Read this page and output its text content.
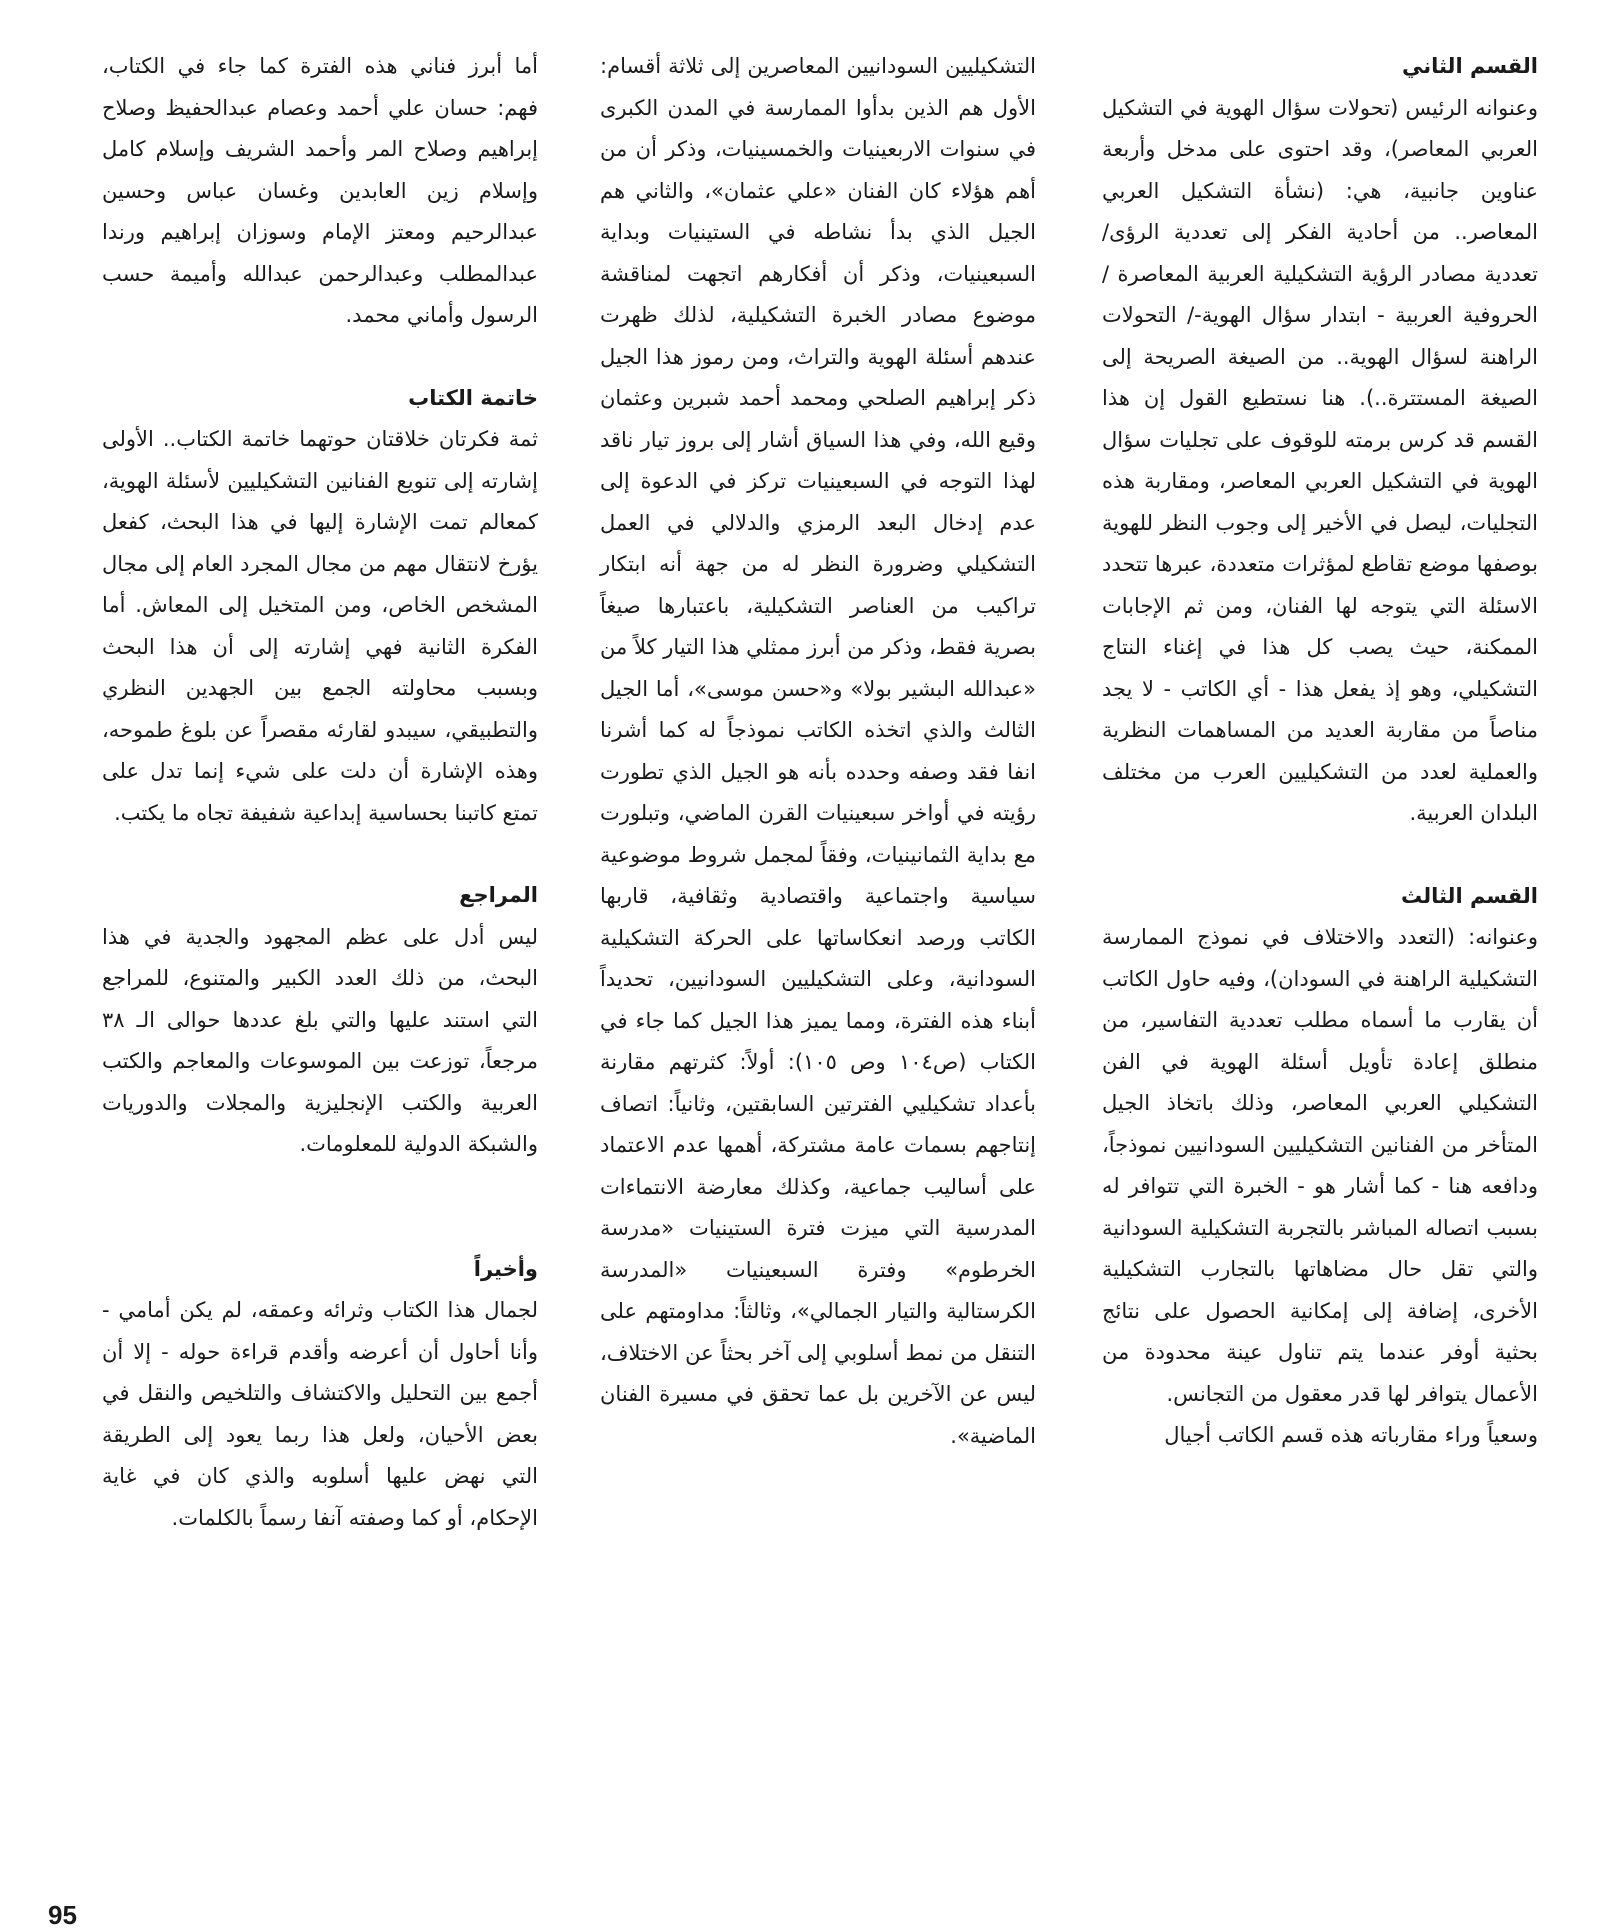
القسم الثاني

وعنوانه الرئيس (تحولات سؤال الهوية في التشكيل العربي المعاصر)، وقد احتوى على مدخل وأربعة عناوين جانبية، هي: (نشأة التشكيل العربي المعاصر.. من أحادية الفكر إلى تعددية الرؤى/ تعددية مصادر الرؤية التشكيلية العربية المعاصرة / الحروفية العربية - ابتدار سؤال الهوية-/ التحولات الراهنة لسؤال الهوية.. من الصيغة الصريحة إلى الصيغة المستترة..). هنا نستطيع القول إن هذا القسم قد كرس برمته للوقوف على تجليات سؤال الهوية في التشكيل العربي المعاصر، ومقاربة هذه التجليات، ليصل في الأخير إلى وجوب النظر للهوية بوصفها موضع تقاطع لمؤثرات متعددة، عبرها تتحدد الاسئلة التي يتوجه لها الفنان، ومن ثم الإجابات الممكنة، حيث يصب كل هذا في إغناء النتاج التشكيلي، وهو إذ يفعل هذا - أي الكاتب - لا يجد مناصاً من مقاربة العديد من المساهمات النظرية والعملية لعدد من التشكيليين العرب من مختلف البلدان العربية.

القسم الثالث

وعنوانه: (التعدد والاختلاف في نموذج الممارسة التشكيلية الراهنة في السودان)، وفيه حاول الكاتب أن يقارب ما أسماه مطلب تعددية التفاسير، من منطلق إعادة تأويل أسئلة الهوية في الفن التشكيلي العربي المعاصر، وذلك باتخاذ الجيل المتأخر من الفنانين التشكيليين السودانيين نموذجاً، ودافعه هنا - كما أشار هو - الخبرة التي تتوافر له بسبب اتصاله المباشر بالتجربة التشكيلية السودانية والتي تقل حال مضاهاتها بالتجارب التشكيلية الأخرى، إضافة إلى إمكانية الحصول على نتائج بحثية أوفر عندما يتم تناول عينة محدودة من الأعمال يتوافر لها قدر معقول من التجانس.

وسعياً وراء مقارباته هذه قسم الكاتب أجيال

التشكيليين السودانيين المعاصرين إلى ثلاثة أقسام: الأول هم الذين بدأوا الممارسة في المدن الكبرى في سنوات الاربعينيات والخمسينيات، وذكر أن من أهم هؤلاء كان الفنان «علي عثمان»، والثاني هم الجيل الذي بدأ نشاطه في الستينيات وبداية السبعينيات، وذكر أن أفكارهم اتجهت لمناقشة موضوع مصادر الخبرة التشكيلية، لذلك ظهرت عندهم أسئلة الهوية والتراث، ومن رموز هذا الجيل ذكر إبراهيم الصلحي ومحمد أحمد شبرين وعثمان وقيع الله، وفي هذا السياق أشار إلى بروز تيار ناقد لهذا التوجه في السبعينيات تركز في الدعوة إلى عدم إدخال البعد الرمزي والدلالي في العمل التشكيلي وضرورة النظر له من جهة أنه ابتكار تراكيب من العناصر التشكيلية، باعتبارها صيغاً بصرية فقط، وذكر من أبرز ممثلي هذا التيار كلاً من «عبدالله البشير بولا» و«حسن موسى»، أما الجيل الثالث والذي اتخذه الكاتب نموذجاً له كما أشرنا انفا فقد وصفه وحدده بأنه هو الجيل الذي تطورت رؤيته في أواخر سبعينيات القرن الماضي، وتبلورت مع بداية الثمانينيات، وفقاً لمجمل شروط موضوعية سياسية واجتماعية واقتصادية وثقافية، قاربها الكاتب ورصد انعكاساتها على الحركة التشكيلية السودانية، وعلى التشكيليين السودانيين، تحديداً أبناء هذه الفترة، ومما يميز هذا الجيل كما جاء في الكتاب (ص١٠٤ وص ١٠٥): أولاً: كثرتهم مقارنة بأعداد تشكيليي الفترتين السابقتين، وثانياً: اتصاف إنتاجهم بسمات عامة مشتركة، أهمها عدم الاعتماد على أساليب جماعية، وكذلك معارضة الانتماءات المدرسية التي ميزت فترة الستينيات «مدرسة الخرطوم» وفترة السبعينيات «المدرسة الكرستالية والتيار الجمالي»، وثالثاً: مداومتهم على التنقل من نمط أسلوبي إلى آخر بحثاً عن الاختلاف، ليس عن الآخرين بل عما تحقق في مسيرة الفنان الماضية».

أما أبرز فناني هذه الفترة كما جاء في الكتاب، فهم: حسان علي أحمد وعصام عبدالحفيظ وصلاح إبراهيم وصلاح المر وأحمد الشريف وإسلام كامل وإسلام زين العابدين وغسان عباس وحسين عبدالرحيم ومعتز الإمام وسوزان إبراهيم ورندا عبدالمطلب وعبدالرحمن عبدالله وأميمة حسب الرسول وأماني محمد.

خاتمة الكتاب

ثمة فكرتان خلاقتان حوتهما خاتمة الكتاب.. الأولى إشارته إلى تنويع الفنانين التشكيليين لأسئلة الهوية، كمعالم تمت الإشارة إليها في هذا البحث، كفعل يؤرخ لانتقال مهم من مجال المجرد العام إلى مجال المشخص الخاص، ومن المتخيل إلى المعاش. أما الفكرة الثانية فهي إشارته إلى أن هذا البحث وبسبب محاولته الجمع بين الجهدين النظري والتطبيقي، سيبدو لقارئه مقصراً عن بلوغ طموحه، وهذه الإشارة أن دلت على شيء إنما تدل على تمتع كاتبنا بحساسية إبداعية شفيفة تجاه ما يكتب.

المراجع

ليس أدل على عظم المجهود والجدية في هذا البحث، من ذلك العدد الكبير والمتنوع، للمراجع التي استند عليها والتي بلغ عددها حوالى الـ ٣٨ مرجعاً، توزعت بين الموسوعات والمعاجم والكتب العربية والكتب الإنجليزية والمجلات والدوريات والشبكة الدولية للمعلومات.

وأخيراً

لجمال هذا الكتاب وثرائه وعمقه، لم يكن أمامي - وأنا أحاول أن أعرضه وأقدم قراءة حوله - إلا أن أجمع بين التحليل والاكتشاف والتلخيص والنقل في بعض الأحيان، ولعل هذا ربما يعود إلى الطريقة التي نهض عليها أسلوبه والذي كان في غاية الإحكام، أو كما وصفته آنفا رسماً بالكلمات.

95
